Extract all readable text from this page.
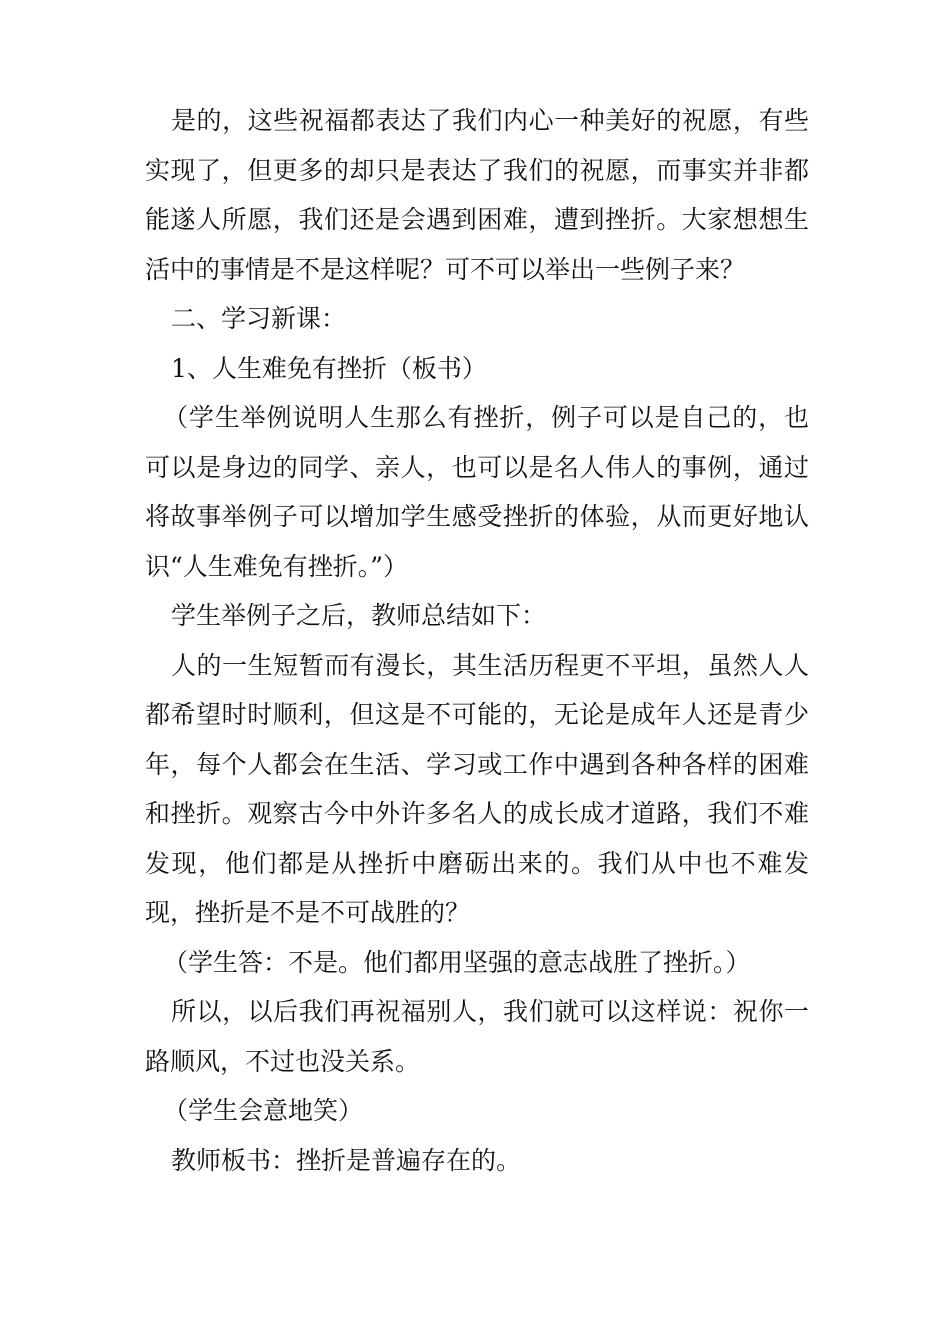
是的，这些祝福都表达了我们内心一种美好的祝愿，有些实现了，但更多的却只是表达了我们的祝愿，而事实并非都能遂人所愿，我们还是会遇到困难，遭到挫折。大家想想生活中的事情是不是这样呢？可不可以举出一些例子来？

二、学习新课：

1、人生难免有挫折（板书）

（学生举例说明人生那么有挫折，例子可以是自己的，也可以是身边的同学、亲人，也可以是名人伟人的事例，通过将故事举例子可以增加学生感受挫折的体验，从而更好地认识“人生难免有挫折。”）

学生举例子之后，教师总结如下：

人的一生短暂而有漫长，其生活历程更不平坦，虽然人人都希望时时顺利，但这是不可能的，无论是成年人还是青少年，每个人都会在生活、学习或工作中遇到各种各样的困难和挫折。观察古今中外许多名人的成长成才道路，我们不难发现，他们都是从挫折中磨砺出来的。我们从中也不难发现，挫折是不是不可战胜的？

（学生答：不是。他们都用坚强的意志战胜了挫折。）

所以，以后我们再祝福别人，我们就可以这样说：祝你一路顺风，不过也没关系。

（学生会意地笑）

教师板书：挫折是普遍存在的。
